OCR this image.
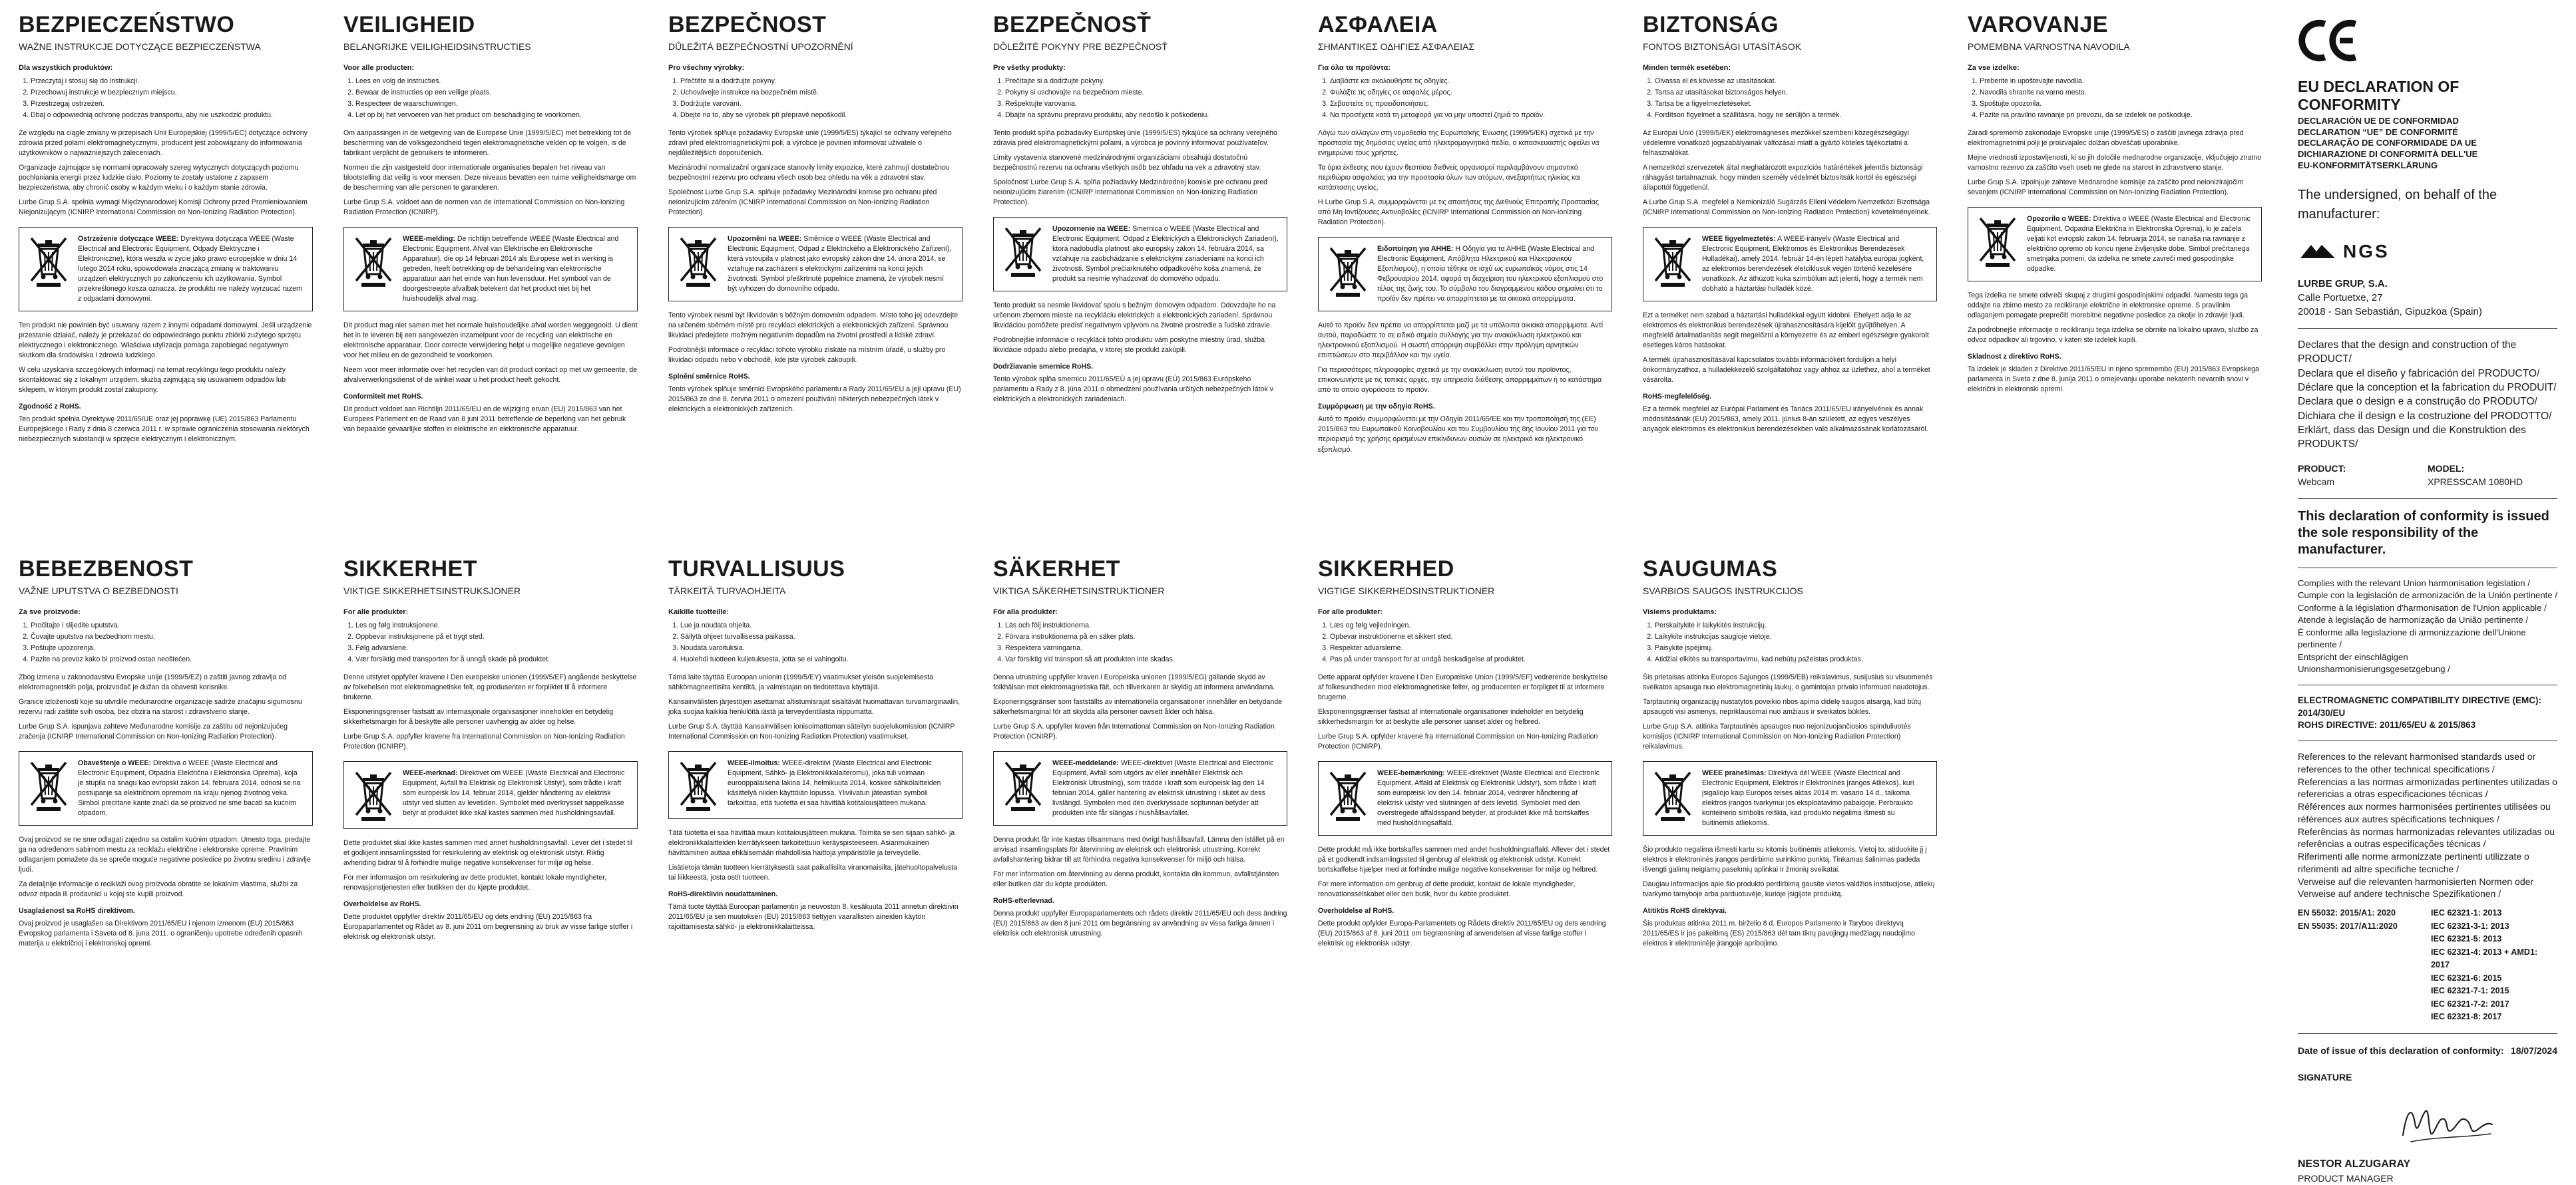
BEZPIECZEŃSTWO
WAŻNE INSTRUKCJE DOTYCZĄCE BEZPIECZEŃSTWA
Dla wszystkich produktów:
1. Przeczytaj i stosuj się do instrukcji.
2. Przechowuj instrukcje w bezpiecznym miejscu.
3. Przestrzegaj ostrzeżeń.
4. Dbaj o odpowiednią ochronę podczas transportu, aby nie uszkodzić produktu.

Ze względu na ciągłe zmiany w przepisach Unii Europejskiej (1999/5/EC) dotyczące ochrony zdrowia przed polami elektromagnetycznymi, producent jest zobowiązany do informowania użytkowników o najważniejszych zaleceniach.

Organizacje zajmujące się normami opracowały szereg wytycznych dotyczących poziomu pochłaniania energii przez ludzkie ciało. Poziomy te zostały ustalone z zapasem bezpieczeństwa, aby chronić osoby w każdym wieku i o każdym stanie zdrowia.

Lurbe Grup S.A. spełnia wymagi Międzynarodowej Komisji Ochrony przed Promieniowaniem Niejonizującym (ICNIRP International Commission on Non-Ionizing Radiation Protection).

Ostrzeżenie dotyczące WEEE: Dyrektywa dotycząca WEEE (Waste Electrical and Electronic Equipment, Odpady Elektryczne i Elektroniczne), która weszła w życie jako prawo europejskie w dniu 14 lutego 2014 roku, spowodowała znaczącą zmianę w traktowaniu urządzeń elektrycznych po zakończeniu ich użytkowania. Symbol przekreślonego kosza oznacza, że produktu nie należy wyrzucać razem z odpadami domowymi.

Ten produkt nie powinien być usuwany razem z innymi odpadami domowymi. Jeśli urządzenie przestanie działać, należy je przekazać do odpowiedniego punktu zbiórki zużytego sprzętu elektrycznego i elektronicznego. Właściwa utylizacja pomaga zapobiegać negatywnym skutkom dla środowiska i zdrowia ludzkiego.

W celu uzyskania szczegółowych informacji na temat recyklingu tego produktu należy skontaktować się z lokalnym urzędem, służbą zajmującą się usuwaniem odpadów lub sklepem, w którym produkt został zakupiony.

Zgodność z RoHS.

Ten produkt spełnia Dyrektywę 2011/65/UE oraz jej poprawkę (UE) 2015/863 Parlamentu Europejskiego i Rady z dnia 8 czerwca 2011 r. w sprawie ograniczenia stosowania niektórych niebezpiecznych substancji w sprzęcie elektrycznym i elektronicznym.

VEILIGHEID
BELANGRIJKE VEILIGHEIDSINSTRUCTIES
Voor alle producten:
1. Lees en volg de instructies.
2. Bewaar de instructies op een veilige plaats.
3. Respecteer de waarschuwingen.
4. Let op bij het vervoeren van het product om beschadiging te voorkomen.

Om aanpassingen in de wetgeving van de Europese Unie (1999/5/EC) met betrekking tot de bescherming van de volksgezondheid tegen elektromagnetische velden op te volgen, is de fabrikant verplicht de gebruikers te informeren.

Normen die zijn vastgesteld door internationale organisaties bepalen het niveau van blootstelling dat veilig is voor mensen. Deze niveaus bevatten een ruime veiligheidsmarge om de bescherming van alle personen te garanderen.

Lurbe Grup S.A. voldoet aan de normen van de International Commission on Non-Ionizing Radiation Protection (ICNIRP).

WEEE-melding: De richtlijn betreffende WEEE (Waste Electrical and Electronic Equipment, Afval van Elektrische en Elektronische Apparatuur), die op 14 februari 2014 als Europese wet in werking is getreden, heeft betrekking op de behandeling van elektronische apparatuur aan het einde van hun levensduur. Het symbool van de doorgestreepte afvalbak betekent dat het product niet bij het huishoudelijk afval mag.

Dit product mag niet samen met het normale huishoudelijke afval worden weggegooid. U dient het in te leveren bij een aangewezen inzamelpunt voor de recycling van elektrische en elektronische apparatuur. Door correcte verwijdering helpt u mogelijke negatieve gevolgen voor het milieu en de gezondheid te voorkomen.

Neem voor meer informatie over het recyclen van dit product contact op met uw gemeente, de afvalverwerkingsdienst of de winkel waar u het product heeft gekocht.

Conformiteit met RoHS.

Dit product voldoet aan Richtlijn 2011/65/EU en de wijziging ervan (EU) 2015/863 van het Europees Parlement en de Raad van 8 juni 2011 betreffende de beperking van het gebruik van bepaalde gevaarlijke stoffen in elektrische en elektronische apparatuur.

BEZPEČNOST
DŮLEŽITÁ BEZPEČNOSTNÍ UPOZORNĚNÍ
Pro všechny výrobky:
1. Přečtěte si a dodržujte pokyny.
2. Uchovávejte instrukce na bezpečném místě.
3. Dodržujte varování.
4. Dbejte na to, aby se výrobek při přepravě nepoškodil.

Tento výrobek splňuje požadavky Evropské unie (1999/5/ES) týkající se ochrany veřejného zdraví před elektromagnetickými poli, a výrobce je povinen informovat uživatele o nejdůležitějších doporučeních.

Mezinárodní normalizační organizace stanovily limity expozice, které zahrnují dostatečnou bezpečnostní rezervu pro ochranu všech osob bez ohledu na věk a zdravotní stav.

Společnost Lurbe Grup S.A. splňuje požadavky Mezinárodní komise pro ochranu před neionizujícím zářením (ICNIRP International Commission on Non-Ionizing Radiation Protection).

Upozornění na WEEE: Směrnice o WEEE (Waste Electrical and Electronic Equipment, Odpad z Elektrického a Elektronického Zařízení), která vstoupila v platnost jako evropský zákon dne 14. února 2014, se vztahuje na zacházení s elektrickými zařízeními na konci jejich životnosti. Symbol přeškrtnuté popelnice znamená, že výrobek nesmí být vyhozen do domovního odpadu.

Tento výrobek nesmí být likvidován s běžným domovním odpadem. Místo toho jej odevzdejte na určeném sběrném místě pro recyklaci elektrických a elektronických zařízení. Správnou likvidací předejdete možným negativním dopadům na životní prostředí a lidské zdraví.

Podrobnější informace o recyklaci tohoto výrobku získáte na místním úřadě, u služby pro likvidaci odpadu nebo v obchodě, kde jste výrobek zakoupili.

Splnění směrnice RoHS.

Tento výrobek splňuje směrnici Evropského parlamentu a Rady 2011/65/EU a její úpravu (EU) 2015/863 ze dne 8. června 2011 o omezení používání některých nebezpečných látek v elektrických a elektronických zařízeních.

BEZPEČNOSŤ
DÔLEŽITÉ POKYNY PRE BEZPEČNOSŤ
Pre všetky produkty:
1. Prečítajte si a dodržujte pokyny.
2. Pokyny si uschovajte na bezpečnom mieste.
3. Rešpektujte varovania.
4. Dbajte na správnu prepravu produktu, aby nedošlo k poškodeniu.

Tento produkt spĺňa požiadavky Európskej únie (1999/5/ES) týkajúce sa ochrany verejného zdravia pred elektromagnetickými poľami, a výrobca je povinný informovať používateľov.

Limity vystavenia stanovené medzinárodnými organizáciami obsahujú dostatočnú bezpečnostnú rezervu na ochranu všetkých osôb bez ohľadu na vek a zdravotný stav.

Spoločnosť Lurbe Grup S.A. spĺňa požiadavky Medzinárodnej komisie pre ochranu pred neionizujúcim žiarením (ICNIRP International Commission on Non-Ionizing Radiation Protection).

Upozornenie na WEEE: Smernica o WEEE (Waste Electrical and Electronic Equipment, Odpad z Elektrických a Elektronických Zariadení), ktorá nadobudla platnosť ako európsky zákon 14. februára 2014, sa vzťahuje na zaobchádzanie s elektrickými zariadeniami na konci ich životnosti. Symbol prečiarknutého odpadkového koša znamená, že produkt sa nesmie vyhadzovať do domového odpadu.

Tento produkt sa nesmie likvidovať spolu s bežným domovým odpadom. Odovzdajte ho na určenom zbernom mieste na recykláciu elektrických a elektronických zariadení. Správnou likvidáciou pomôžete predísť negatívnym vplyvom na životné prostredie a ľudské zdravie.

Podrobnejšie informácie o recyklácii tohto produktu vám poskytne miestny úrad, služba likvidácie odpadu alebo predajňa, v ktorej ste produkt zakúpili.

Dodržiavanie smernice RoHS.

Tento výrobok spĺňa smernicu 2011/65/EÚ a jej úpravu (EÚ) 2015/863 Európskeho parlamentu a Rady z 8. júna 2011 o obmedzení používania určitých nebezpečných látok v elektrických a elektronických zariadeniach.

ΑΣΦΑΛΕΙΑ
ΣΗΜΑΝΤΙΚΕΣ ΟΔΗΓΙΕΣ ΑΣΦΑΛΕΙΑΣ
Για όλα τα προϊόντα:
1. Διαβάστε και ακολουθήστε τις οδηγίες.
2. Φυλάξτε τις οδηγίες σε ασφαλές μέρος.
3. Σεβαστείτε τις προειδοποιήσεις.
4. Να προσέχετε κατά τη μεταφορά για να μην υποστεί ζημιά το προϊόν.

Λόγω των αλλαγών στη νομοθεσία της Ευρωπαϊκής Ένωσης (1999/5/ΕΚ) σχετικά με την προστασία της δημόσιας υγείας από ηλεκτρομαγνητικά πεδία, ο κατασκευαστής οφείλει να ενημερώνει τους χρήστες.

Τα όρια έκθεσης που έχουν θεσπίσει διεθνείς οργανισμοί περιλαμβάνουν σημαντικό περιθώριο ασφαλείας για την προστασία όλων των ατόμων, ανεξαρτήτως ηλικίας και κατάστασης υγείας.

Η Lurbe Grup S.A. συμμορφώνεται με τις απαιτήσεις της Διεθνούς Επιτροπής Προστασίας από Μη Ιοντίζουσες Ακτινοβολίες (ICNIRP International Commission on Non-Ionizing Radiation Protection).

Ειδοποίηση για ΑΗΗΕ: Η Οδηγία για τα ΑΗΗΕ (Waste Electrical and Electronic Equipment, Απόβλητα Ηλεκτρικού και Ηλεκτρονικού Εξοπλισμού), η οποία τέθηκε σε ισχύ ως ευρωπαϊκός νόμος στις 14 Φεβρουαρίου 2014, αφορά τη διαχείριση του ηλεκτρικού εξοπλισμού στο τέλος της ζωής του. Το σύμβολο του διαγραμμένου κάδου σημαίνει ότι το προϊόν δεν πρέπει να απορρίπτεται με τα οικιακά απορρίμματα.

Αυτό το προϊόν δεν πρέπει να απορρίπτεται μαζί με τα υπόλοιπα οικιακά απορρίμματα. Αντί αυτού, παραδώστε το σε ειδικό σημείο συλλογής για την ανακύκλωση ηλεκτρικού και ηλεκτρονικού εξοπλισμού. Η σωστή απόρριψη συμβάλλει στην πρόληψη αρνητικών επιπτώσεων στο περιβάλλον και την υγεία.

Για περισσότερες πληροφορίες σχετικά με την ανακύκλωση αυτού του προϊόντος, επικοινωνήστε με τις τοπικές αρχές, την υπηρεσία διάθεσης απορριμμάτων ή το κατάστημα από το οποίο αγοράσατε το προϊόν.

Συμμόρφωση με την οδηγία RoHS.

Αυτό το προϊόν συμμορφώνεται με την Οδηγία 2011/65/ΕΕ και την τροποποίησή της (ΕΕ) 2015/863 του Ευρωπαϊκού Κοινοβουλίου και του Συμβουλίου της 8ης Ιουνίου 2011 για τον περιορισμό της χρήσης ορισμένων επικίνδυνων ουσιών σε ηλεκτρικό και ηλεκτρονικό εξοπλισμό.

BIZTONSÁG
FONTOS BIZTONSÁGI UTASÍTÁSOK
Minden termék esetében:
1. Olvassa el és kövesse az utasításokat.
2. Tartsa az utasításokat biztonságos helyen.
3. Tartsa be a figyelmeztetéseket.
4. Fordítson figyelmet a szállításra, hogy ne sérüljön a termék.

Az Európai Unió (1999/5/EK) elektromágneses mezőkkel szembeni közegészségügyi védelemre vonatkozó jogszabályainak változásai miatt a gyártó köteles tájékoztatni a felhasználókat.

A nemzetközi szervezetek által meghatározott expozíciós határértékek jelentős biztonsági ráhagyást tartalmaznak, hogy minden személy védelmét biztosítsák kortól és egészségi állapottól függetlenül.

A Lurbe Grup S.A. megfelel a Nemionizáló Sugárzás Elleni Védelem Nemzetközi Bizottsága (ICNIRP International Commission on Non-Ionizing Radiation Protection) követelményeinek.

WEEE figyelmeztetés: A WEEE-irányelv (Waste Electrical and Electronic Equipment, Elektromos és Elektronikus Berendezések Hulladékai), amely 2014. február 14-én lépett hatályba európai jogként, az elektromos berendezések életciklusuk végén történő kezelésére vonatkozik. Az áthúzott kuka szimbólum azt jelenti, hogy a termék nem dobható a háztartási hulladék közé.

Ezt a terméket nem szabad a háztartási hulladékkal együtt kidobni. Ehelyett adja le az elektromos és elektronikus berendezések újrahasznosítására kijelölt gyűjtőhelyen. A megfelelő ártalmatlanítás segít megelőzni a környezetre és az emberi egészségre gyakorolt esetleges káros hatásokat.

A termék újrahasznosításával kapcsolatos további információkért forduljon a helyi önkormányzathoz, a hulladékkezelő szolgáltatóhoz vagy ahhoz az üzlethez, ahol a terméket vásárolta.

RoHS-megfelelőség.

Ez a termék megfelel az Európai Parlament és Tanács 2011/65/EU irányelvének és annak módosításának (EU) 2015/863, amely 2011. június 8-án született, az egyes veszélyes anyagok elektromos és elektronikus berendezésekben való alkalmazásának korlátozásáról.

VAROVANJE
POMEMBNA VARNOSTNA NAVODILA
Za vse izdelke:
1. Preberite in upoštevajte navodila.
2. Navodila shranite na varno mesto.
3. Spoštujte opozorila.
4. Pazite na pravilno ravnanje pri prevozu, da se izdelek ne poškoduje.

Zaradi sprememb zakonodaje Evropske unije (1999/5/ES) o zaščiti javnega zdravja pred elektromagnetnimi polji je proizvajalec dolžan obveščati uporabnike.

Mejne vrednosti izpostavljenosti, ki so jih določile mednarodne organizacije, vključujejo znatno varnostno rezervo za zaščito vseh oseb ne glede na starost in zdravstveno stanje.

Lurbe Grup S.A. izpolnjuje zahteve Mednarodne komisije za zaščito pred neionizirajočim sevanjem (ICNIRP International Commission on Non-Ionizing Radiation Protection).

Opozorilo o WEEE: Direktiva o WEEE (Waste Electrical and Electronic Equipment, Odpadna Električna in Elektronska Oprema), ki je začela veljati kot evropski zakon 14. februarja 2014, se nanaša na ravnanje z električno opremo ob koncu njene življenjske dobe. Simbol prečrtanega smetnjaka pomeni, da izdelka ne smete zavreči med gospodinjske odpadke.

Tega izdelka ne smete odvreči skupaj z drugimi gospodinjskimi odpadki. Namesto tega ga oddajte na zbirno mesto za recikliranje električne in elektronske opreme. S pravilnim odlaganjem pomagate preprečiti morebitne negativne posledice za okolje in zdravje ljudi.

Za podrobnejše informacije o recikliranju tega izdelka se obrnite na lokalno upravo, službo za odvoz odpadkov ali trgovino, v kateri ste izdelek kupili.

Skladnost z direktivo RoHS.

Ta izdelek je skladen z Direktivo 2011/65/EU in njeno spremembo (EU) 2015/863 Evropskega parlamenta in Sveta z dne 8. junija 2011 o omejevanju uporabe nekaterih nevarnih snovi v električni in elektronski opremi.

BEBEZBENOST
VAŽNE UPUTSTVA O BEZBEDNOSTI
Za sve proizvode:
1. Pročitajte i slijedite uputstva.
2. Čuvajte uputstva na bezbednom mestu.
3. Poštujte upozorenja.
4. Pazite na prevoz kako bi proizvod ostao neoštećen.

Zbog izmena u zakonodavstvu Evropske unije (1999/5/EZ) o zaštiti javnog zdravlja od elektromagnetskih polja, proizvođač je dužan da obavesti korisnike.

Granice izloženosti koje su utvrdile međunarodne organizacije sadrže značajnu sigurnosnu rezervu radi zaštite svih osoba, bez obzira na starost i zdravstveno stanje.

Lurbe Grup S.A. ispunjava zahteve Međunarodne komisije za zaštitu od nejonizujućeg zračenja (ICNIRP International Commission on Non-Ionizing Radiation Protection).

Obaveštenje o WEEE: Direktiva o WEEE (Waste Electrical and Electronic Equipment, Otpadna Električna i Elektronska Oprema), koja je stupila na snagu kao evropski zakon 14. februara 2014, odnosi se na postupanje sa električnom opremom na kraju njenog životnog veka. Simbol precrtane kante znači da se proizvod ne sme bacati sa kućnim otpadom.

Ovaj proizvod se ne sme odlagati zajedno sa ostalim kućnim otpadom. Umesto toga, predajte ga na određenom sabirnom mestu za reciklažu električne i elektronske opreme. Pravilnim odlaganjem pomažete da se spreče moguće negativne posledice po životnu sredinu i zdravlje ljudi.

Za detaljnije informacije o reciklaži ovog proizvoda obratite se lokalnim vlastima, službi za odvoz otpada ili prodavnici u kojoj ste kupili proizvod.

Usaglašenost sa RoHS direktivom.

Ovaj proizvod je usaglašen sa Direktivom 2011/65/EU i njenom izmenom (EU) 2015/863 Evropskog parlamenta i Saveta od 8. juna 2011. o ograničenju upotrebe određenih opasnih materija u električnoj i elektronskoj opremi.

SIKKERHET
VIKTIGE SIKKERHETSINSTRUKSJONER
For alle produkter:
1. Les og følg instruksjonene.
2. Oppbevar instruksjonene på et trygt sted.
3. Følg advarslene.
4. Vær forsiktig med transporten for å unngå skade på produktet.

Denne utstyret oppfyller kravene i Den europeiske unionen (1999/5/EF) angående beskyttelse av folkehelsen mot elektromagnetiske felt, og produsenten er forpliktet til å informere brukerne.

Eksponeringsgrenser fastsatt av internasjonale organisasjoner inneholder en betydelig sikkerhetsmargin for å beskytte alle personer uavhengig av alder og helse.

Lurbe Grup S.A. oppfyller kravene fra International Commission on Non-Ionizing Radiation Protection (ICNIRP).

WEEE-merknad: Direktivet om WEEE (Waste Electrical and Electronic Equipment, Avfall fra Elektrisk og Elektronisk Utstyr), som trådte i kraft som europeisk lov 14. februar 2014, gjelder håndtering av elektrisk utstyr ved slutten av levetiden. Symbolet med overkrysset søppelkasse betyr at produktet ikke skal kastes sammen med husholdningsavfall.

Dette produktet skal ikke kastes sammen med annet husholdningsavfall. Lever det i stedet til et godkjent innsamlingssted for resirkulering av elektrisk og elektronisk utstyr. Riktig avhending bidrar til å forhindre mulige negative konsekvenser for miljø og helse.

For mer informasjon om resirkulering av dette produktet, kontakt lokale myndigheter, renovasjonstjenesten eller butikken der du kjøpte produktet.

Overholdelse av RoHS.

Dette produktet oppfyller direktiv 2011/65/EU og dets endring (EU) 2015/863 fra Europaparlamentet og Rådet av 8. juni 2011 om begrensning av bruk av visse farlige stoffer i elektrisk og elektronisk utstyr.

TURVALLISUUS
TÄRKEITÄ TURVAOHJEITA
Kaikille tuotteille:
1. Lue ja noudata ohjeita.
2. Säilytä ohjeet turvallisessa paikassa.
3. Noudata varoituksia.
4. Huolehdi tuotteen kuljetuksesta, jotta se ei vahingoitu.

Tämä laite täyttää Euroopan unionin (1999/5/EY) vaatimukset yleisön suojelemisesta sähkömagneettisilta kentiltä, ja valmistajan on tiedotettava käyttäjiä.

Kansainvälisten järjestöjen asettamat altistumisrajat sisältävät huomattavan turvamarginaalin, joka suojaa kaikkia henkilöitä iästä ja terveydentilasta riippumatta.

Lurbe Grup S.A. täyttää Kansainvälisen ionisoimattoman säteilyn suojelukomission (ICNIRP International Commission on Non-Ionizing Radiation Protection) vaatimukset.

WEEE-ilmoitus: WEEE-direktiivi (Waste Electrical and Electronic Equipment, Sähkö- ja Elektroniikkalaiteromu), joka tuli voimaan eurooppalaisena lakina 14. helmikuuta 2014, koskee sähkölaitteiden käsittelyä niiden käyttöiän lopussa. Yliviivatun jäteastian symboli tarkoittaa, että tuotetta ei saa hävittää kotitalousjätteen mukana.

Tätä tuotetta ei saa hävittää muun kotitalousjätteen mukana. Toimita se sen sijaan sähkö- ja elektroniikkalaitteiden kierrätykseen tarkoitettuun keräyspisteeseen. Asianmukainen hävittäminen auttaa ehkäisemään mahdollisia haittoja ympäristölle ja terveydelle.

Lisätietoja tämän tuotteen kierrätyksestä saat paikallisilta viranomaisilta, jätehuoltopalvelusta tai liikkeestä, josta ostit tuotteen.

RoHS-direktiivin noudattaminen.

Tämä tuote täyttää Euroopan parlamentin ja neuvoston 8. kesäkuuta 2011 annetun direktiivin 2011/65/EU ja sen muutoksen (EU) 2015/863 tiettyjen vaarallisten aineiden käytön rajoittamisesta sähkö- ja elektroniikkalaitteissa.

SÄKERHET
VIKTIGA SÄKERHETSINSTRUKTIONER
För alla produkter:
1. Läs och följ instruktionerna.
2. Förvara instruktionerna på en säker plats.
3. Respektera varningarna.
4. Var försiktig vid transport så att produkten inte skadas.

Denna utrustning uppfyller kraven i Europeiska unionen (1999/5/EG) gällande skydd av folkhälsan mot elektromagnetiska fält, och tillverkaren är skyldig att informera användarna.

Exponeringsgränser som fastställts av internationella organisationer innehåller en betydande säkerhetsmarginal för att skydda alla personer oavsett ålder och hälsa.

Lurbe Grup S.A. uppfyller kraven från International Commission on Non-Ionizing Radiation Protection (ICNIRP).

WEEE-meddelande: WEEE-direktivet (Waste Electrical and Electronic Equipment, Avfall som utgörs av eller innehåller Elektrisk och Elektronisk Utrustning), som trädde i kraft som europeisk lag den 14 februari 2014, gäller hantering av elektrisk utrustning i slutet av dess livslängd. Symbolen med den överkryssade soptunnan betyder att produkten inte får slängas i hushållsavfallet.

Denna produkt får inte kastas tillsammans med övrigt hushållsavfall. Lämna den istället på en anvisad insamlingsplats för återvinning av elektrisk och elektronisk utrustning. Korrekt avfallshantering bidrar till att förhindra negativa konsekvenser för miljö och hälsa.

För mer information om återvinning av denna produkt, kontakta din kommun, avfallstjänsten eller butiken där du köpte produkten.

RoHS-efterlevnad.

Denna produkt uppfyller Europaparlamentets och rådets direktiv 2011/65/EU och dess ändring (EU) 2015/863 av den 8 juni 2011 om begränsning av användning av vissa farliga ämnen i elektrisk och elektronisk utrustning.

SIKKERHED
VIGTIGE SIKKERHEDSINSTRUKTIONER
For alle produkter:
1. Læs og følg vejledningen.
2. Opbevar instruktionerne et sikkert sted.
3. Respekter advarslerne.
4. Pas på under transport for at undgå beskadigelse af produktet.

Dette apparat opfylder kravene i Den Europæiske Union (1999/5/EF) vedrørende beskyttelse af folkesundheden mod elektromagnetiske felter, og producenten er forpligtet til at informere brugerne.

Eksponeringsgrænser fastsat af internationale organisationer indeholder en betydelig sikkerhedsmargin for at beskytte alle personer uanset alder og helbred.

Lurbe Grup S.A. opfylder kravene fra International Commission on Non-Ionizing Radiation Protection (ICNIRP).

WEEE-bemærkning: WEEE-direktivet (Waste Electrical and Electronic Equipment, Affald af Elektrisk og Elektronisk Udstyr), som trådte i kraft som europæisk lov den 14. februar 2014, vedrører håndtering af elektrisk udstyr ved slutningen af dets levetid. Symbolet med den overstregede affaldsspand betyder, at produktet ikke må bortskaffes med husholdningsaffald.

Dette produkt må ikke bortskaffes sammen med andet husholdningsaffald. Aflever det i stedet på et godkendt indsamlingssted til genbrug af elektrisk og elektronisk udstyr. Korrekt bortskaffelse hjælper med at forhindre mulige negative konsekvenser for miljø og helbred.

For mere information om genbrug af dette produkt, kontakt de lokale myndigheder, renovationsselskabet eller den butik, hvor du købte produktet.

Overholdelse af RoHS.

Dette produkt opfylder Europa-Parlamentets og Rådets direktiv 2011/65/EU og dets ændring (EU) 2015/863 af 8. juni 2011 om begrænsning af anvendelsen af visse farlige stoffer i elektrisk og elektronisk udstyr.

SAUGUMAS
SVARBIOS SAUGOS INSTRUKCIJOS
Visiems produktams:
1. Perskaitykite ir laikykitės instrukcijų.
2. Laikykite instrukcijas saugioje vietoje.
3. Paisykite įspėjimų.
4. Atidžiai elkitės su transportavimu, kad nebūtų pažeistas produktas.

Šis prietaisas atitinka Europos Sąjungos (1999/5/EB) reikalavimus, susijusius su visuomenės sveikatos apsauga nuo elektromagnetinių laukų, o gamintojas privalo informuoti naudotojus.

Tarptautinių organizacijų nustatytos poveikio ribos apima didelę saugos atsargą, kad būtų apsaugoti visi asmenys, nepriklausomai nuo amžiaus ir sveikatos būklės.

Lurbe Grup S.A. atitinka Tarptautinės apsaugos nuo nejonizuojančiosios spinduliuotės komisijos (ICNIRP International Commission on Non-Ionizing Radiation Protection) reikalavimus.

WEEE pranešimas: Direktyva dėl WEEE (Waste Electrical and Electronic Equipment, Elektros ir Elektroninės Įrangos Atliekos), kuri įsigaliojo kaip Europos teisės aktas 2014 m. vasario 14 d., taikoma elektros įrangos tvarkymui jos eksploatavimo pabaigoje. Perbraukto konteinerio simbolis reiškia, kad produkto negalima išmesti su buitinėmis atliekomis.

Šio produkto negalima išmesti kartu su kitomis buitinėmis atliekomis. Vietoj to, atiduokite jį į elektros ir elektroninės įrangos perdirbimo surinkimo punktą. Tinkamas šalinimas padeda išvengti galimų neigiamų pasekmių aplinkai ir žmonių sveikatai.

Daugiau informacijos apie šio produkto perdirbimą gausite vietos valdžios institucijose, atliekų tvarkymo tarnyboje arba parduotuvėje, kurioje įsigijote produktą.

Atitiktis RoHS direktyvai.

Šis produktas atitinka 2011 m. birželio 8 d. Europos Parlamento ir Tarybos direktyvą 2011/65/ES ir jos pakeitimą (ES) 2015/863 dėl tam tikrų pavojingų medžiagų naudojimo elektros ir elektroninėje įrangoje apribojimo.

EU DECLARATION OF CONFORMITY
DECLARACIÓN UE DE CONFORMIDAD
DECLARATION “UE” DE CONFORMITÉ
DECLARAÇÃO DE CONFORMIDADE DA UE
DICHIARAZIONE DI CONFORMITÀ DELL'UE
EU-KONFORMITÄTSERKLÄRUNG
The undersigned, on behalf of the manufacturer:
NGS
LURBE GRUP, S.A.
Calle Portuetxe, 27
20018 - San Sebastián, Gipuzkoa (Spain)
Declares that the design and construction of the PRODUCT/
Declara que el diseño y fabricación del PRODUCTO/
Déclare que la conception et la fabrication du PRODUIT/
Declara que o design e a construção do PRODUTO/
Dichiara che il design e la costruzione del PRODOTTO/
Erklärt, dass das Design und die Konstruktion des PRODUKTS/
PRODUCT:	MODEL:
Webcam	XPRESSCAM 1080HD
This declaration of conformity is issued the sole responsibility of the manufacturer.
Complies with the relevant Union harmonisation legislation /
Cumple con la legislación de armonización de la Unión pertinente /
Conforme à la législation d'harmonisation de l'Union applicable /
Atende à legislação de harmonização da União pertinente /
È conforme alla legislazione di armonizzazione dell'Unione pertinente /
Entspricht der einschlägigen Unionsharmonisierungsgesetzgebung /
ELECTROMAGNETIC COMPATIBILITY DIRECTIVE (EMC): 2014/30/EU
ROHS DIRECTIVE: 2011/65/EU & 2015/863
References to the relevant harmonised standards used or references to the other technical specifications /
Referencias a las normas armonizadas pertinentes utilizadas o referencias a otras especificaciones técnicas /
Références aux normes harmonisées pertinentes utilisées ou références aux autres spécifications techniques /
Referências às normas harmonizadas relevantes utilizadas ou referências a outras especificações técnicas /
Riferimenti alle norme armonizzate pertinenti utilizzate o riferimenti ad altre specifiche tecniche /
Verweise auf die relevanten harmonisierten Normen oder Verweise auf andere technische Spezifikationen /
EN 55032: 2015/A1: 2020
EN 55035: 2017/A11:2020
IEC 62321-1: 2013
IEC 62321-3-1: 2013
IEC 62321-5: 2013
IEC 62321-4: 2013 + AMD1: 2017
IEC 62321-6: 2015
IEC 62321-7-1: 2015
IEC 62321-7-2: 2017
IEC 62321-8: 2017
Date of issue of this declaration of conformity: 18/07/2024
SIGNATURE
NESTOR ALZUGARAY
PRODUCT MANAGER
